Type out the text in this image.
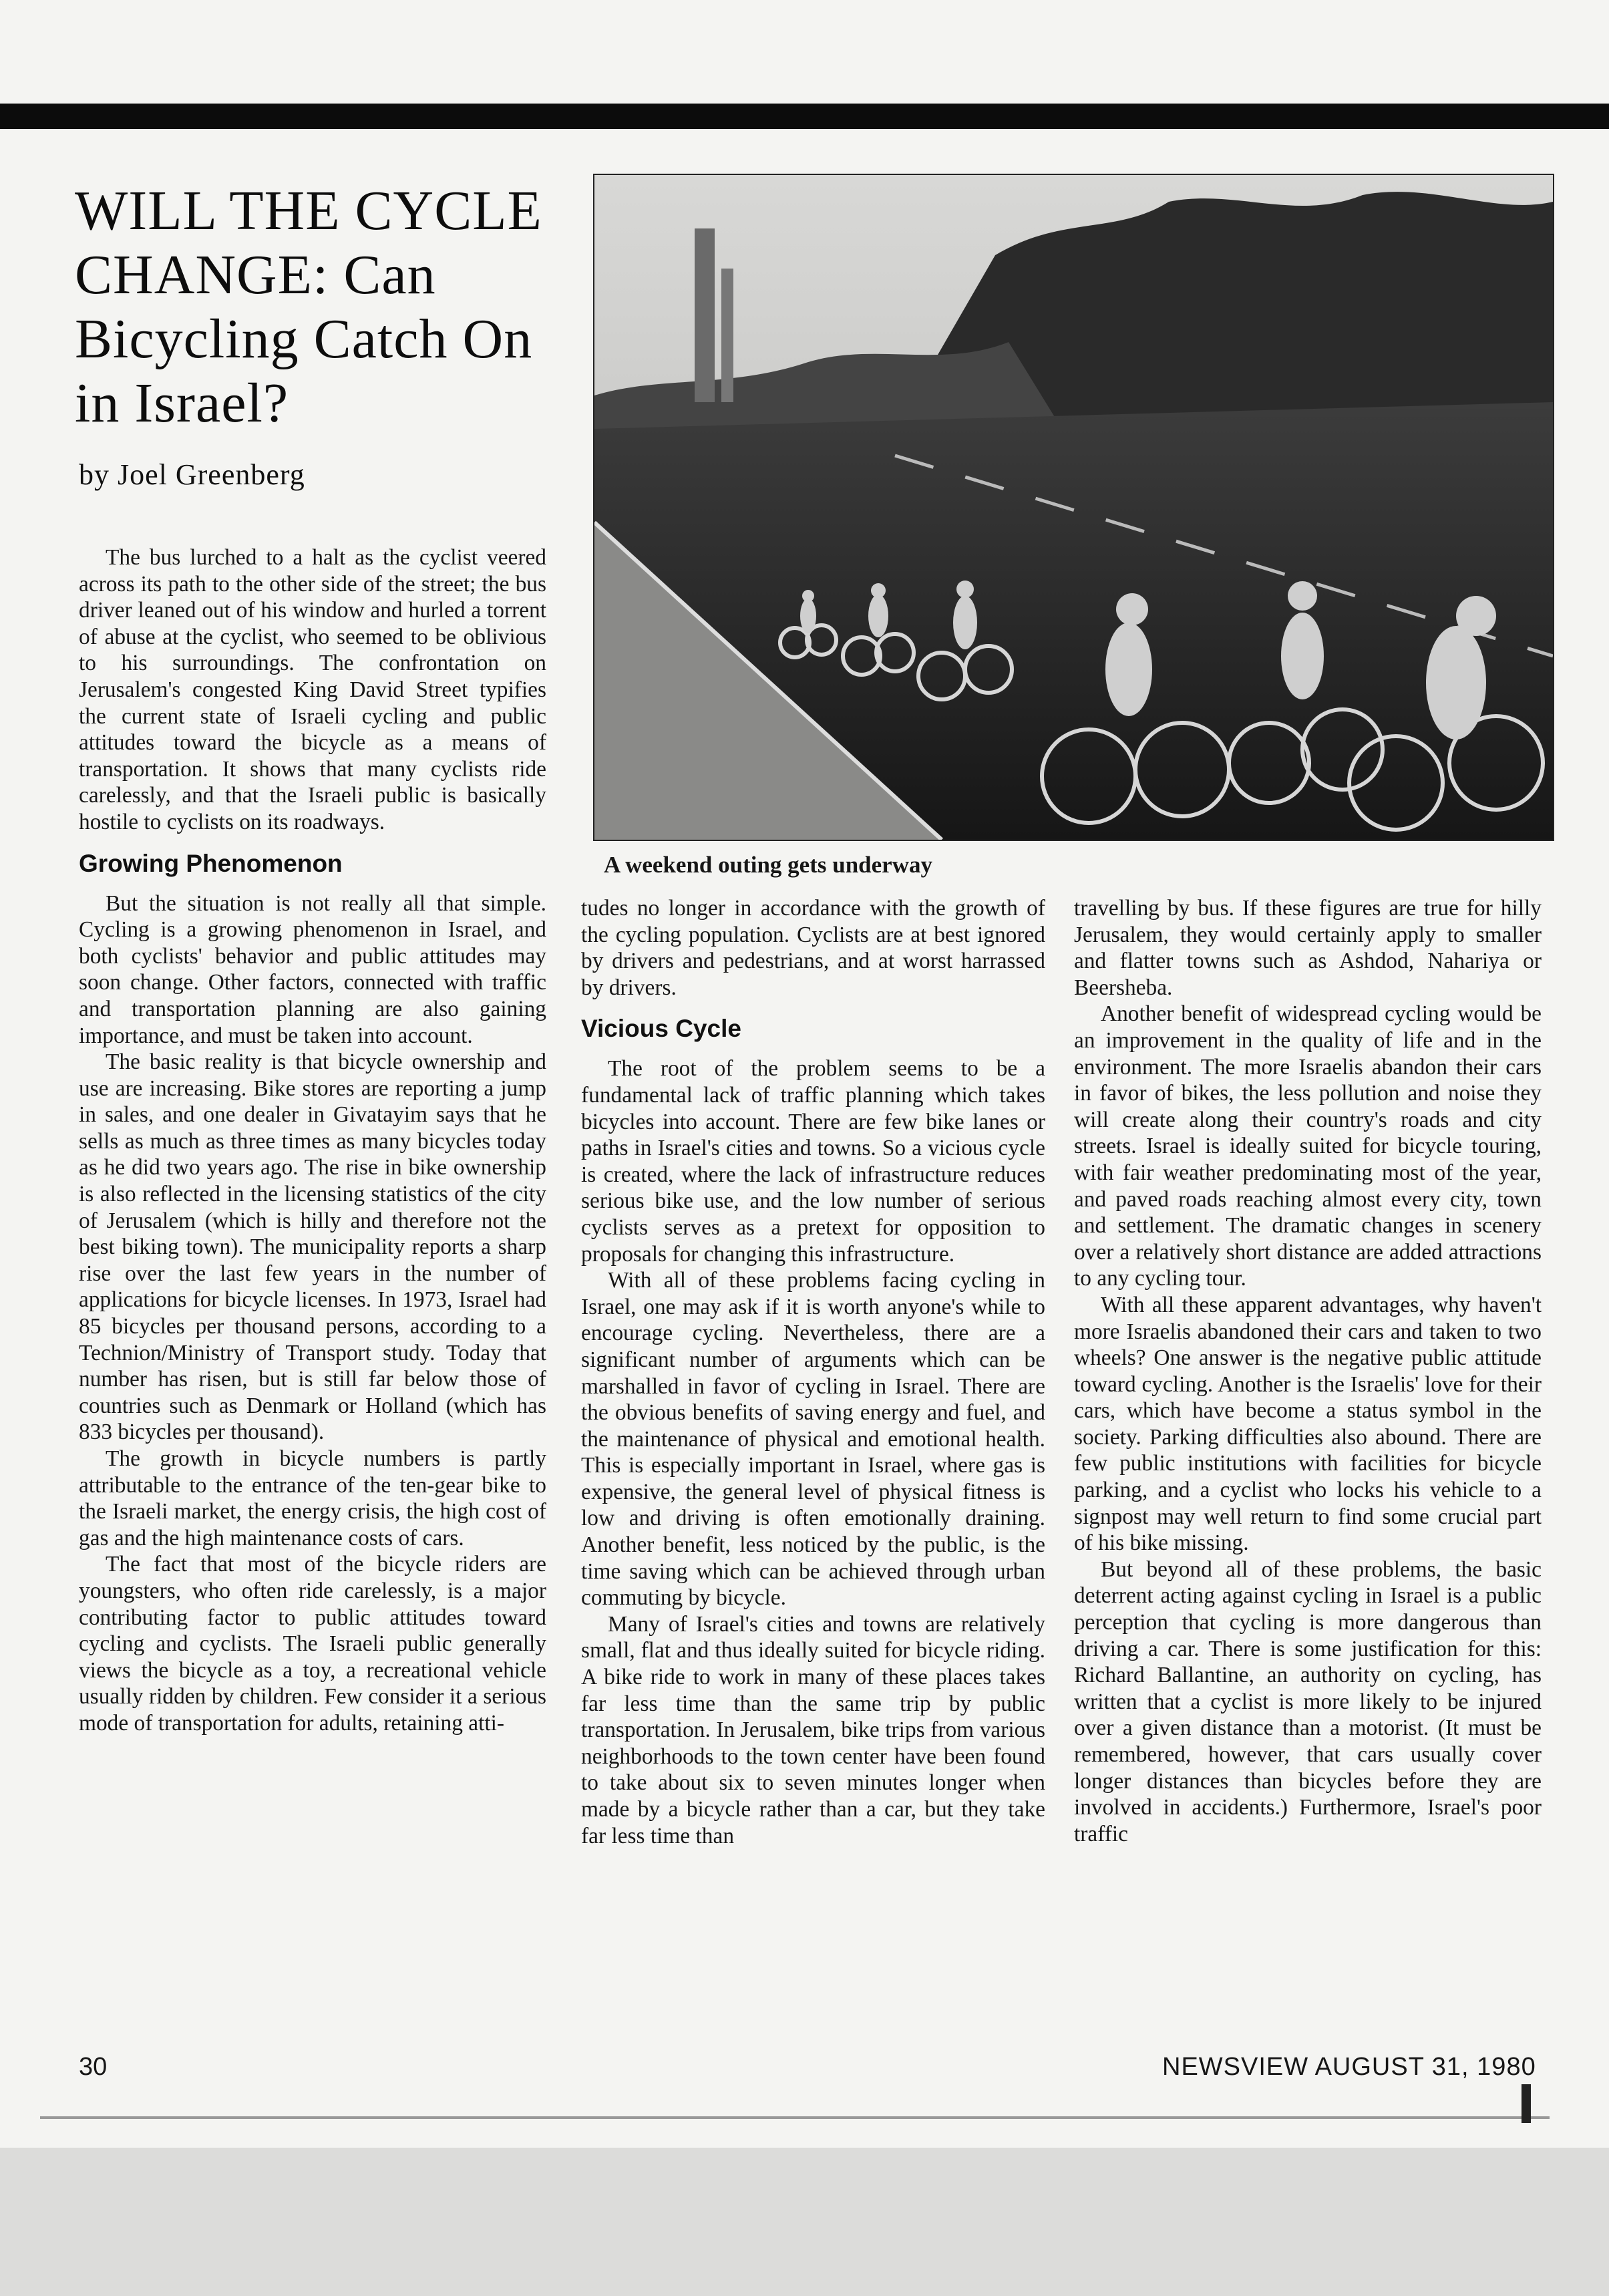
WILL THE CYCLE CHANGE: Can Bicycling Catch On in Israel?
by Joel Greenberg
A weekend outing gets underway

The bus lurched to a halt as the cyclist veered across its path to the other side of the street; the bus driver leaned out of his window and hurled a torrent of abuse at the cyclist, who seemed to be oblivious to his surroundings. The confrontation on Jerusalem's congested King David Street typifies the current state of Israeli cycling and public attitudes toward the bicycle as a means of transportation. It shows that many cyclists ride carelessly, and that the Israeli public is basically hostile to cyclists on its roadways.

Growing Phenomenon

But the situation is not really all that simple. Cycling is a growing phenomenon in Israel, and both cyclists' behavior and public attitudes may soon change. Other factors, connected with traffic and transportation planning are also gaining importance, and must be taken into account.

The basic reality is that bicycle ownership and use are increasing. Bike stores are reporting a jump in sales, and one dealer in Givatayim says that he sells as much as three times as many bicycles today as he did two years ago. The rise in bike ownership is also reflected in the licensing statistics of the city of Jerusalem (which is hilly and therefore not the best biking town). The municipality reports a sharp rise over the last few years in the number of applications for bicycle licenses. In 1973, Israel had 85 bicycles per thousand persons, according to a Technion/Ministry of Transport study. Today that number has risen, but is still far below those of countries such as Denmark or Holland (which has 833 bicycles per thousand).

The growth in bicycle numbers is partly attributable to the entrance of the ten-gear bike to the Israeli market, the energy crisis, the high cost of gas and the high maintenance costs of cars.

The fact that most of the bicycle riders are youngsters, who often ride carelessly, is a major contributing factor to public attitudes toward cycling and cyclists. The Israeli public generally views the bicycle as a toy, a recreational vehicle usually ridden by children. Few consider it a serious mode of transportation for adults, retaining atti-

tudes no longer in accordance with the growth of the cycling population. Cyclists are at best ignored by drivers and pedestrians, and at worst harrassed by drivers.

Vicious Cycle

The root of the problem seems to be a fundamental lack of traffic planning which takes bicycles into account. There are few bike lanes or paths in Israel's cities and towns. So a vicious cycle is created, where the lack of infrastructure reduces serious bike use, and the low number of serious cyclists serves as a pretext for opposition to proposals for changing this infrastructure.

With all of these problems facing cycling in Israel, one may ask if it is worth anyone's while to encourage cycling. Nevertheless, there are a significant number of arguments which can be marshalled in favor of cycling in Israel. There are the obvious benefits of saving energy and fuel, and the maintenance of physical and emotional health. This is especially important in Israel, where gas is expensive, the general level of physical fitness is low and driving is often emotionally draining. Another benefit, less noticed by the public, is the time saving which can be achieved through urban commuting by bicycle.

Many of Israel's cities and towns are relatively small, flat and thus ideally suited for bicycle riding. A bike ride to work in many of these places takes far less time than the same trip by public transportation. In Jerusalem, bike trips from various neighborhoods to the town center have been found to take about six to seven minutes longer when made by a bicycle rather than a car, but they take far less time than

travelling by bus. If these figures are true for hilly Jerusalem, they would certainly apply to smaller and flatter towns such as Ashdod, Nahariya or Beersheba.

Another benefit of widespread cycling would be an improvement in the quality of life and in the environment. The more Israelis abandon their cars in favor of bikes, the less pollution and noise they will create along their country's roads and city streets. Israel is ideally suited for bicycle touring, with fair weather predominating most of the year, and paved roads reaching almost every city, town and settlement. The dramatic changes in scenery over a relatively short distance are added attractions to any cycling tour.

With all these apparent advantages, why haven't more Israelis abandoned their cars and taken to two wheels? One answer is the negative public attitude toward cycling. Another is the Israelis' love for their cars, which have become a status symbol in the society. Parking difficulties also abound. There are few public institutions with facilities for bicycle parking, and a cyclist who locks his vehicle to a signpost may well return to find some crucial part of his bike missing.

But beyond all of these problems, the basic deterrent acting against cycling in Israel is a public perception that cycling is more dangerous than driving a car. There is some justification for this: Richard Ballantine, an authority on cycling, has written that a cyclist is more likely to be injured over a given distance than a motorist. (It must be remembered, however, that cars usually cover longer distances than bicycles before they are involved in accidents.) Furthermore, Israel's poor traffic

30	NEWSVIEW AUGUST 31, 1980
